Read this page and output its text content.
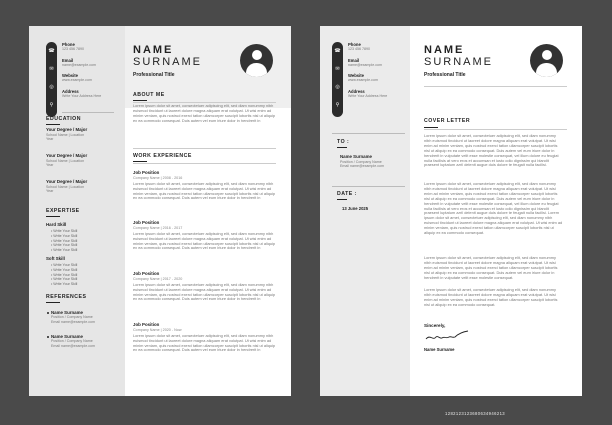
☎
✉
◎
⚲
Phone
123 456 7890
Email
name@example.com
Website
www.example.com
Address
Write Your Address Here
EDUCATION
Your Degree / Major
School Name | Location
Year
Your Degree / Major
School Name | Location
Year
Your Degree / Major
School Name | Location
Year
EXPERTISE
Hard Skill
• Write Your Skill
• Write Your Skill
• Write Your Skill
• Write Your Skill
• Write Your Skill
Soft Skill
• Write Your Skill
• Write Your Skill
• Write Your Skill
• Write Your Skill
• Write Your Skill
REFERENCES
Name Surname
Position / Company Name
Email name@example.com
Name Surname
Position / Company Name
Email name@example.com
NAME
SURNAME
Professional Title
ABOUT ME

Lorem ipsum dolor sit amet, consectetuer adipiscing elit, sed diam nonummy nibh euismod tincidunt ut laoreet dolore magna aliquam erat volutpat. Ut wisi enim ad minim veniam, quis nostrud exerci tation ullamcorper suscipit lobortis nisl ut aliquip ex ea commodo consequat. Duis autem vel eum iriure dolor in hendrerit in

WORK EXPERIENCE
Job Position
Company Name | 2008 - 2016

Lorem ipsum dolor sit amet, consectetuer adipiscing elit, sed diam nonummy nibh euismod tincidunt ut laoreet dolore magna aliquam erat volutpat. Ut wisi enim ad minim veniam, quis nostrud exerci tation ullamcorper suscipit lobortis nisl ut aliquip ex ea commodo consequat. Duis autem vel eum iriure dolor in hendrerit in

Job Position
Company Name | 2016 - 2017

Lorem ipsum dolor sit amet, consectetuer adipiscing elit, sed diam nonummy nibh euismod tincidunt ut laoreet dolore magna aliquam erat volutpat. Ut wisi enim ad minim veniam, quis nostrud exerci tation ullamcorper suscipit lobortis nisl ut aliquip ex ea commodo consequat. Duis autem vel eum iriure dolor in hendrerit in

Job Position
Company Name | 2017 - 2020

Lorem ipsum dolor sit amet, consectetuer adipiscing elit, sed diam nonummy nibh euismod tincidunt ut laoreet dolore magna aliquam erat volutpat. Ut wisi enim ad minim veniam, quis nostrud exerci tation ullamcorper suscipit lobortis nisl ut aliquip ex ea commodo consequat. Duis autem vel eum iriure dolor in hendrerit in

Job Position
Company Name | 2020 - Now

Lorem ipsum dolor sit amet, consectetuer adipiscing elit, sed diam nonummy nibh euismod tincidunt ut laoreet dolore magna aliquam erat volutpat. Ut wisi enim ad minim veniam, quis nostrud exerci tation ullamcorper suscipit lobortis nisl ut aliquip ex ea commodo consequat. Duis autem vel eum iriure dolor in hendrerit in

☎
✉
◎
⚲
Phone
123 456 7890
Email
name@example.com
Website
www.example.com
Address
Write Your Address Here
TO :
Name Surname
Position / Company Name
Email name@example.com
DATE :
13 June 2025
NAME
SURNAME
Professional Title
COVER LETTER

Lorem ipsum dolor sit amet, consectetuer adipiscing elit, sed diam nonummy nibh euismod tincidunt ut laoreet dolore magna aliquam erat volutpat. Ut wisi enim ad minim veniam, quis nostrud exerci tation ullamcorper suscipit lobortis nisl ut aliquip ex ea commodo consequat. Duis autem vel eum iriure dolor in hendrerit in vulputate velit esse molestie consequat, vel illum dolore eu feugiat nulla facilisis at vero eros et accumsan et iusto odio dignissim qui blandit praesent luptatum zzril delenit augue duis dolore te feugait nulla facilisi.

Lorem ipsum dolor sit amet, consectetuer adipiscing elit, sed diam nonummy nibh euismod tincidunt ut laoreet dolore magna aliquam erat volutpat. Ut wisi enim ad minim veniam, quis nostrud exerci tation ullamcorper suscipit lobortis nisl ut aliquip ex ea commodo consequat. Duis autem vel eum iriure dolor in hendrerit in vulputate velit esse molestie consequat, vel illum dolore eu feugiat nulla facilisis at vero eros et accumsan et iusto odio dignissim qui blandit praesent luptatum zzril delenit augue duis dolore te feugait nulla facilisi. Lorem ipsum dolor sit amet, consectetuer adipiscing elit, sed diam nonummy nibh euismod tincidunt ut laoreet dolore magna aliquam erat volutpat. Ut wisi enim ad minim veniam, quis nostrud exerci tation ullamcorper suscipit lobortis nisl ut aliquip ex ea commodo consequat.

Lorem ipsum dolor sit amet, consectetuer adipiscing elit, sed diam nonummy nibh euismod tincidunt ut laoreet dolore magna aliquam erat volutpat. Ut wisi enim ad minim veniam, quis nostrud exerci tation ullamcorper suscipit lobortis nisl ut aliquip ex ea commodo consequat. Duis autem vel eum iriure dolor in hendrerit in vulputate velit esse molestie consequat.

Lorem ipsum dolor sit amet, consectetuer adipiscing elit, sed diam nonummy nibh euismod tincidunt ut laoreet dolore magna aliquam erat volutpat. Ut wisi enim ad minim veniam, quis nostrud exerci tation ullamcorper suscipit lobortis nisl ut aliquip ex ea commodo consequat.

Sincerely,
Name Surname
1282123123680634946213
